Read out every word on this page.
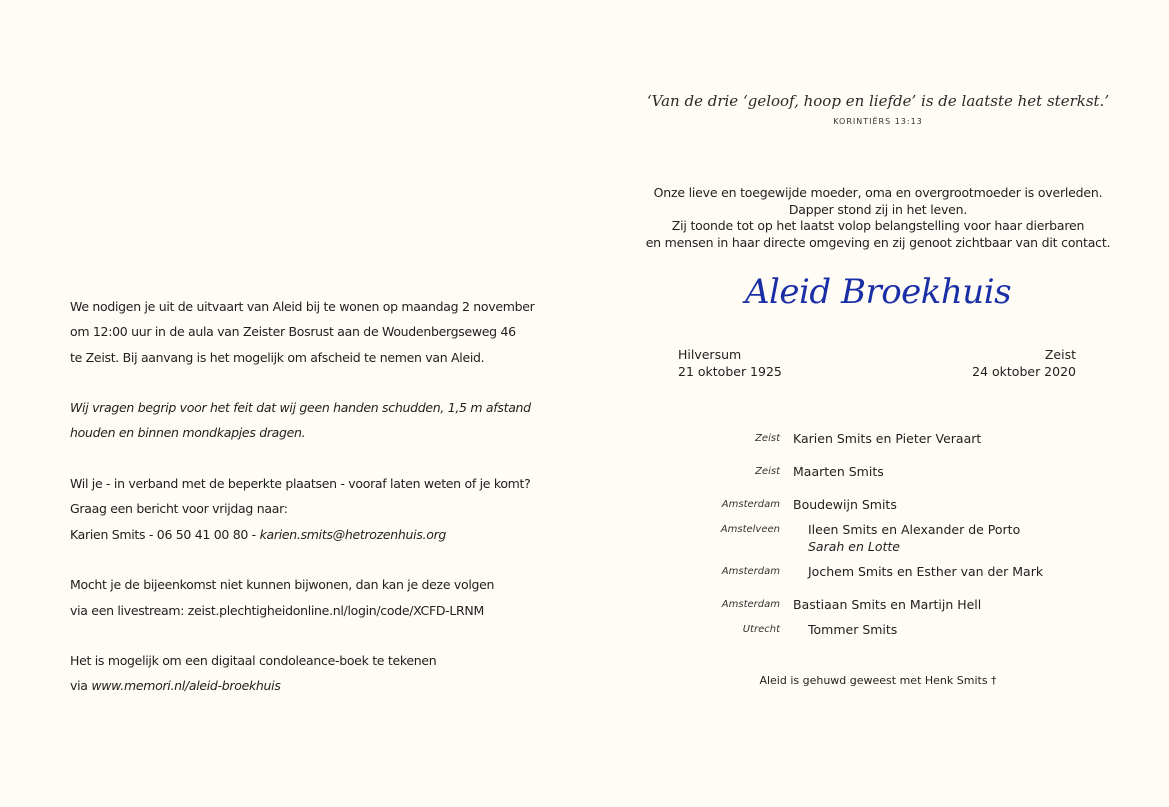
We nodigen je uit de uitvaart van Aleid bij te wonen op maandag 2 november

om 12:00 uur in de aula van Zeister Bosrust aan de Woudenbergseweg 46

te Zeist. Bij aanvang is het mogelijk om afscheid te nemen van Aleid.

Wij vragen begrip voor het feit dat wij geen handen schudden, 1,5 m afstand

houden en binnen mondkapjes dragen.

Wil je - in verband met de beperkte plaatsen - vooraf laten weten of je komt?

Graag een bericht voor vrijdag naar:

Karien Smits - 06 50 41 00 80 - karien.smits@hetrozenhuis.org

Mocht je de bijeenkomst niet kunnen bijwonen, dan kan je deze volgen

via een livestream: zeist.plechtigheidonline.nl/login/code/XCFD-LRNM

Het is mogelijk om een digitaal condoleance-boek te tekenen

via www.memori.nl/aleid-broekhuis

‘Van de drie ‘geloof, hoop en liefde’ is de laatste het sterkst.’
KORINTIËRS 13:13

Onze lieve en toegewijde moeder, oma en overgrootmoeder is overleden.

Dapper stond zij in het leven.

Zij toonde tot op het laatst volop belangstelling voor haar dierbaren

en mensen in haar directe omgeving en zij genoot zichtbaar van dit contact.

Aleid Broekhuis

Hilversum

21 oktober 1925

Zeist

24 oktober 2020

Zeist Karien Smits en Pieter Veraart

Zeist Maarten Smits

Amsterdam Boudewijn Smits

Amstelveen Ileen Smits en Alexander de Porto

Sarah en Lotte

Amsterdam Jochem Smits en Esther van der Mark

Amsterdam Bastiaan Smits en Martijn Hell

Utrecht Tommer Smits

Aleid is gehuwd geweest met Henk Smits †
